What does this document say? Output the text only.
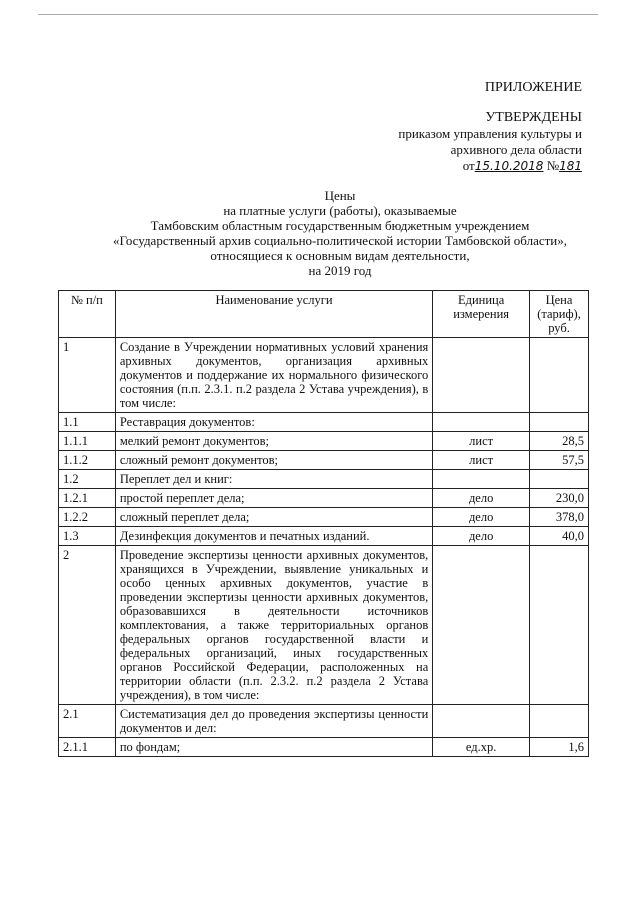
ПРИЛОЖЕНИЕ
УТВЕРЖДЕНЫ
приказом управления культуры и
архивного дела области
от15.10.2018 №181
Цены
на платные услуги (работы), оказываемые
Тамбовским областным государственным бюджетным учреждением
«Государственный архив социально-политической истории Тамбовской области»,
относящиеся к основным видам деятельности,
на 2019 год
№ п/п	Наименование услуги	Единица измерения	Цена (тариф), руб.
1	Создание в Учреждении нормативных условий хранения архивных документов, организация архивных документов и поддержание их нормального физического состояния (п.п. 2.3.1. п.2 раздела 2 Устава учреждения), в том числе:		
1.1	Реставрация документов:		
1.1.1	мелкий ремонт документов;	лист	28,5
1.1.2	сложный ремонт документов;	лист	57,5
1.2	Переплет дел и книг:		
1.2.1	простой переплет дела;	дело	230,0
1.2.2	сложный переплет дела;	дело	378,0
1.3	Дезинфекция документов и печатных изданий.	дело	40,0
2	Проведение экспертизы ценности архивных документов, хранящихся в Учреждении, выявление уникальных и особо ценных архивных документов, участие в проведении экспертизы ценности архивных документов, образовавшихся в деятельности источников комплектования, а также территориальных органов федеральных органов государственной власти и федеральных организаций, иных государственных органов Российской Федерации, расположенных на территории области (п.п. 2.3.2. п.2 раздела 2 Устава учреждения), в том числе:		
2.1	Систематизация дел до проведения экспертизы ценности документов и дел:		
2.1.1	по фондам;	ед.хр.	1,6
